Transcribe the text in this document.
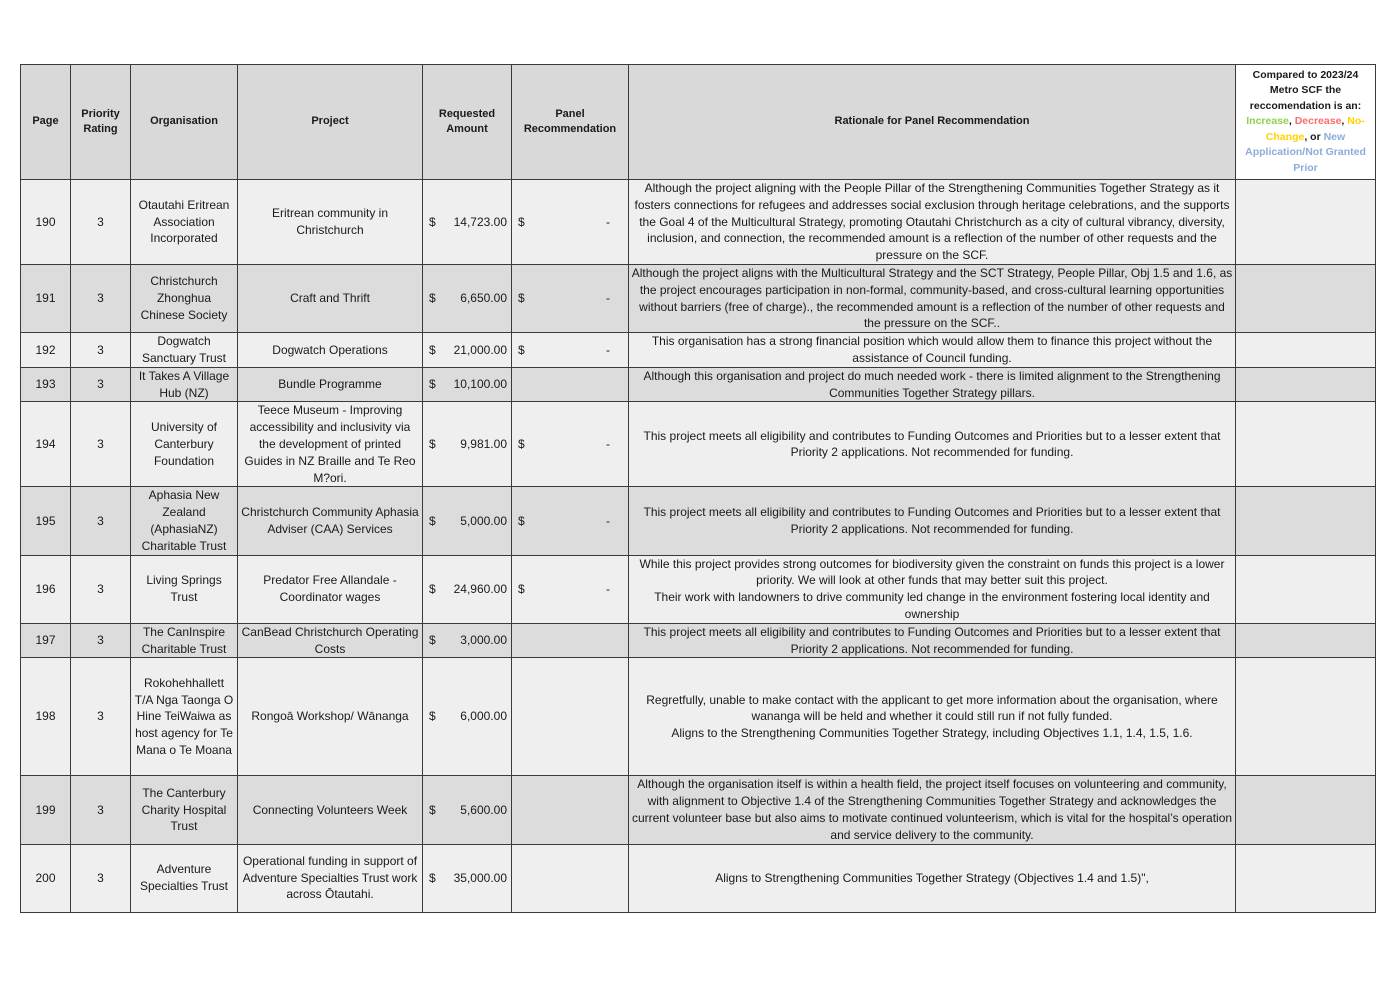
Page	Priority Rating	Organisation	Project	Requested Amount	Panel Recommendation	Rationale for Panel Recommendation	Compared to 2023/24 Metro SCF the reccomendation is an: Increase, Decrease, No-Change, or New Application/Not Granted Prior
190	3	Otautahi Eritrean Association Incorporated	Eritrean community in Christchurch	$ 14,723.00	$ -	Although the project aligning with the People Pillar of the Strengthening Communities Together Strategy as it fosters connections for refugees and addresses social exclusion through heritage celebrations, and the supports the Goal 4 of the Multicultural Strategy, promoting Otautahi Christchurch as a city of cultural vibrancy, diversity, inclusion, and connection, the recommended amount is a reflection of the number of other requests and the pressure on the SCF.	
191	3	Christchurch Zhonghua Chinese Society	Craft and Thrift	$ 6,650.00	$ -	Although the project aligns with the Multicultural Strategy and the SCT Strategy, People Pillar, Obj 1.5 and 1.6, as the project encourages participation in non-formal, community-based, and cross-cultural learning opportunities without barriers (free of charge)., the recommended amount is a reflection of the number of other requests and the pressure on the SCF..	
192	3	Dogwatch Sanctuary Trust	Dogwatch Operations	$ 21,000.00	$ -	This organisation has a strong financial position which would allow them to finance this project without the assistance of Council funding.	
193	3	It Takes A Village Hub (NZ)	Bundle Programme	$ 10,100.00		Although this organisation and project do much needed work - there is limited alignment to the Strengthening Communities Together Strategy pillars.	
194	3	University of Canterbury Foundation	Teece Museum - Improving accessibility and inclusivity via the development of printed Guides in NZ Braille and Te Reo M?ori.	$ 9,981.00	$ -	This project meets all eligibility and contributes to Funding Outcomes and Priorities but to a lesser extent that Priority 2 applications. Not recommended for funding.	
195	3	Aphasia New Zealand (AphasiaNZ) Charitable Trust	Christchurch Community Aphasia Adviser (CAA) Services	$ 5,000.00	$ -	This project meets all eligibility and contributes to Funding Outcomes and Priorities but to a lesser extent that Priority 2 applications. Not recommended for funding.	
196	3	Living Springs Trust	Predator Free Allandale - Coordinator wages	$ 24,960.00	$ -	While this project provides strong outcomes for biodiversity given the constraint on funds this project is a lower priority. We will look at other funds that may better suit this project.
Their work with landowners to drive community led change in the environment fostering local identity and ownership	
197	3	The CanInspire Charitable Trust	CanBead Christchurch Operating Costs	$ 3,000.00		This project meets all eligibility and contributes to Funding Outcomes and Priorities but to a lesser extent that Priority 2 applications. Not recommended for funding.	
198	3	Rokohehhallett T/A Nga Taonga O Hine TeiWaiwa as host agency for Te Mana o Te Moana	Rongoā Workshop/ Wānanga	$ 6,000.00		Regretfully, unable to make contact with the applicant to get more information about the organisation, where wananga will be held and whether it could still run if not fully funded.
Aligns to the Strengthening Communities Together Strategy, including Objectives 1.1, 1.4, 1.5, 1.6.	
199	3	The Canterbury Charity Hospital Trust	Connecting Volunteers Week	$ 5,600.00		Although the organisation itself is within a health field, the project itself focuses on volunteering and community, with alignment to Objective 1.4 of the Strengthening Communities Together Strategy and acknowledges the current volunteer base but also aims to motivate continued volunteerism, which is vital for the hospital’s operation and service delivery to the community.	
200	3	Adventure Specialties Trust	Operational funding in support of Adventure Specialties Trust work across Ōtautahi.	$ 35,000.00		Aligns to Strengthening Communities Together Strategy (Objectives 1.4 and 1.5)",	
